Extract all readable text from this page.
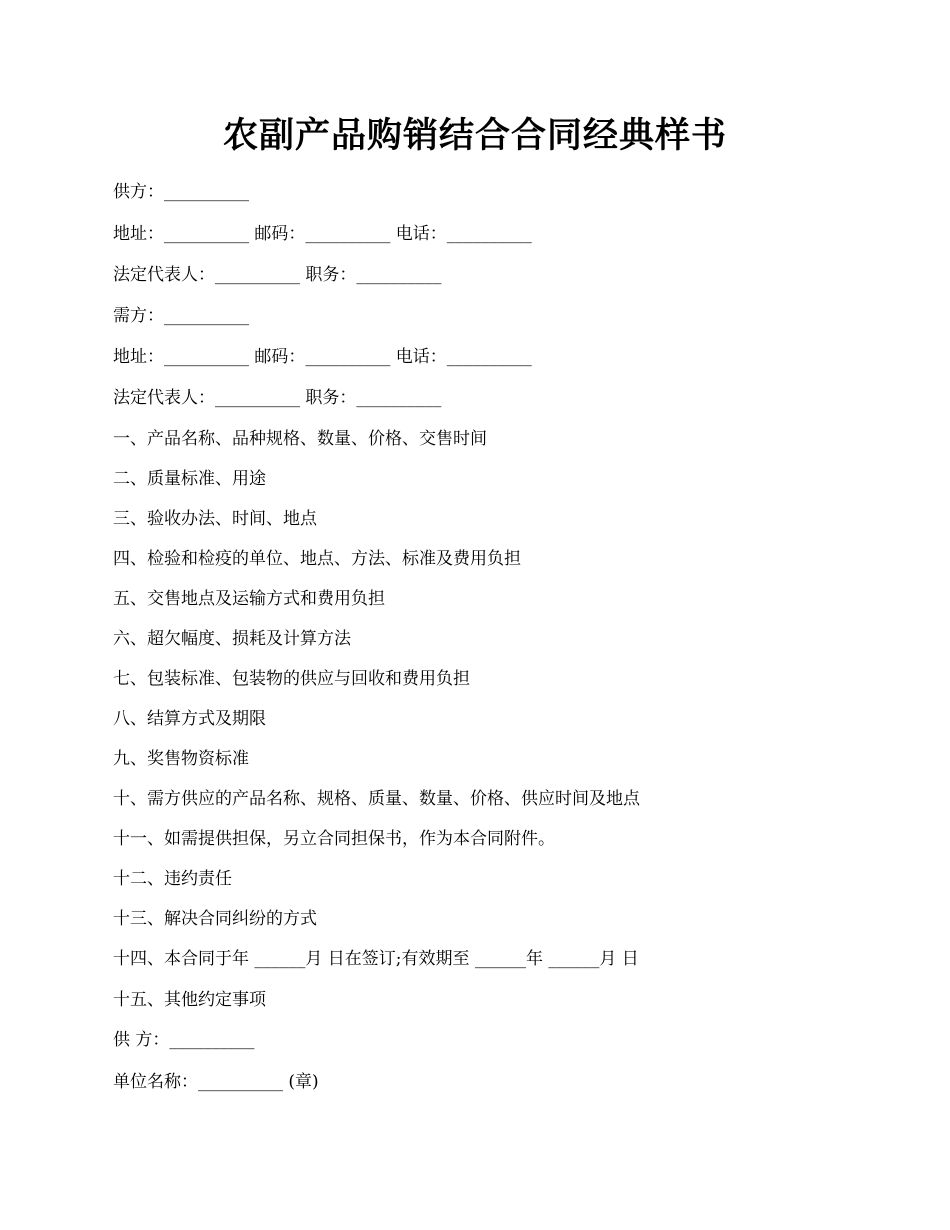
农副产品购销结合合同经典样书
供方：__________
地址：__________ 邮码：__________ 电话：__________
法定代表人：__________ 职务：__________
需方：__________
地址：__________ 邮码：__________ 电话：__________
法定代表人：__________ 职务：__________
一、产品名称、品种规格、数量、价格、交售时间
二、质量标准、用途
三、验收办法、时间、地点
四、检验和检疫的单位、地点、方法、标准及费用负担
五、交售地点及运输方式和费用负担
六、超欠幅度、损耗及计算方法
七、包装标准、包装物的供应与回收和费用负担
八、结算方式及期限
九、奖售物资标准
十、需方供应的产品名称、规格、质量、数量、价格、供应时间及地点
十一、如需提供担保，另立合同担保书，作为本合同附件。
十二、违约责任
十三、解决合同纠纷的方式
十四、本合同于年 ______月 日在签订;有效期至 ______年 ______月 日
十五、其他约定事项
供 方：__________
单位名称：__________ (章)
